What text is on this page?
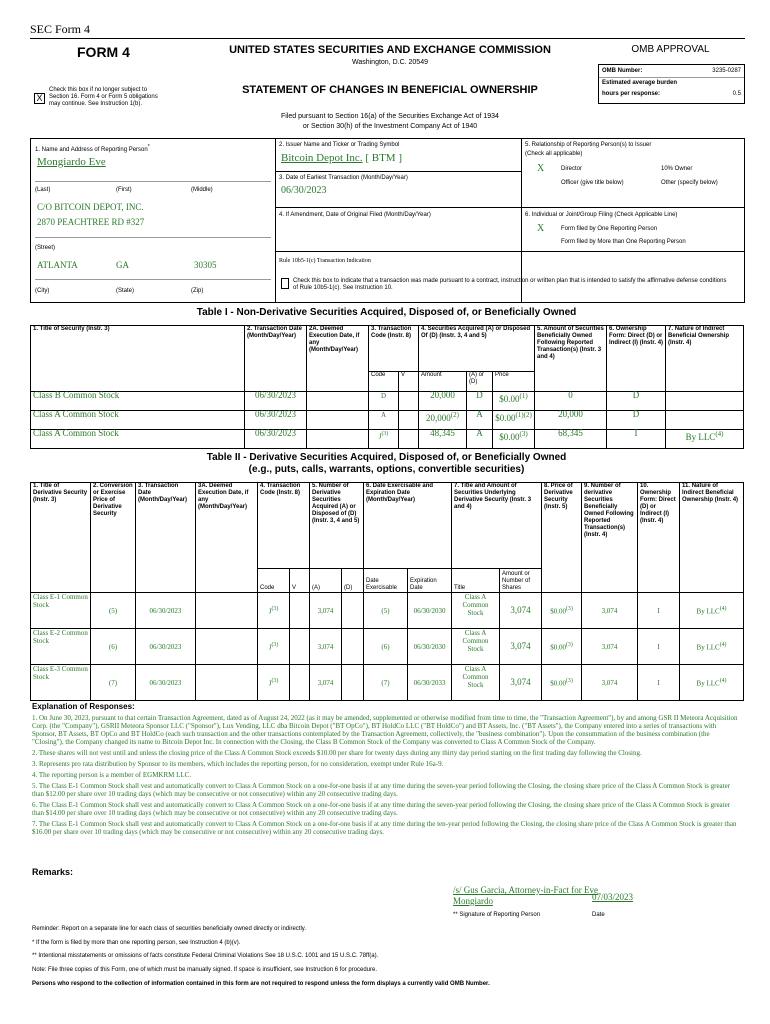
SEC Form 4
FORM 4	UNITED STATES SECURITIES AND EXCHANGE COMMISSION
Washington, D.C. 20549
X
Check this box if no longer subject to Section 16. Form 4 or Form 5 obligations may continue. See Instruction 1(b).
STATEMENT OF CHANGES IN BENEFICIAL OWNERSHIP
Filed pursuant to Section 16(a) of the Securities Exchange Act of 1934
or Section 30(h) of the Investment Company Act of 1940
OMB APPROVAL
OMB Number:	3235-0287
Estimated average burden
hours per response:	0.5
1. Name and Address of Reporting Person*
Mongiardo Eve
(Last)	(First)	(Middle)
C/O BITCOIN DEPOT, INC.
2870 PEACHTREE RD #327
(Street)
ATLANTA	GA	30305
(City)	(State)	(Zip)
2. Issuer Name and Ticker or Trading Symbol
Bitcoin Depot Inc. [ BTM ]
3. Date of Earliest Transaction (Month/Day/Year)
06/30/2023
4. If Amendment, Date of Original Filed (Month/Day/Year)
Rule 10b5-1(c) Transaction Indication
Check this box to indicate that a transaction was made pursuant to a contract, instruction or written plan that is intended to satisfy the affirmative defense conditions of Rule 10b5-1(c). See Instruction 10.
5. Relationship of Reporting Person(s) to Issuer
(Check all applicable)
X	Director	10% Owner
Officer (give title below)	Other (specify below)
6. Individual or Joint/Group Filing (Check Applicable Line)
X	Form filed by One Reporting Person
Form filed by More than One Reporting Person
Table I - Non-Derivative Securities Acquired, Disposed of, or Beneficially Owned
1. Title of Security (Instr. 3)	2. Transaction Date (Month/Day/Year)	2A. Deemed Execution Date, if any (Month/Day/Year)	3. Transaction Code (Instr. 8)		4. Securities Acquired (A) or Disposed Of (D) (Instr. 3, 4 and 5)			5. Amount of Securities Beneficially Owned Following Reported Transaction(s) (Instr. 3 and 4)	6. Ownership Form: Direct (D) or Indirect (I) (Instr. 4)	7. Nature of Indirect Beneficial Ownership (Instr. 4)
			Code	V	Amount	(A) or (D)	Price			
Class B Common Stock	06/30/2023		D		20,000	D	$0.00$^{(1)}$	0	D	
Class A Common Stock	06/30/2023		A		20,000$^{(2)}$	A	$\$0.00^{(1)(2)}$	20,000	D	
Class A Common Stock	06/30/2023		$J^{(3)}$		48,345	A	$0.00$^{(3)}$	68,345	I	By LLC$^{(4)}$
Table II - Derivative Securities Acquired, Disposed of, or Beneficially Owned
(e.g., puts, calls, warrants, options, convertible securities)
1. Title of Derivative Security (Instr. 3)	2. Conversion or Exercise Price of Derivative Security	3. Transaction Date (Month/Day/Year)	3A. Deemed Execution Date, if any (Month/Day/Year)	4. Transaction Code (Instr. 8)		5. Number of Derivative Securities Acquired (A) or Disposed of (D) (Instr. 3, 4 and 5)		6. Date Exercisable and Expiration Date (Month/Day/Year)		7. Title and Amount of Securities Underlying Derivative Security (Instr. 3 and 4)		8. Price of Derivative Security (Instr. 5)	9. Number of derivative Securities Beneficially Owned Following Reported Transaction(s) (Instr. 4)	10. Ownership Form: Direct (D) or Indirect (I) (Instr. 4)	11. Nature of Indirect Beneficial Ownership (Instr. 4)
				Code	V	(A)	(D)	Date Exercisable	Expiration Date	Title	Amount or Number of Shares				
Class E-1 Common Stock	(5)	06/30/2023		$J^{(3)}$		3,074		(5)	06/30/2030	Class A Common Stock	3,074	$0.00$^{(3)}$	3,074	I	By LLC$^{(4)}$
Class E-2 Common Stock	(6)	06/30/2023		$J^{(3)}$		3,074		(6)	06/30/2030	Class A Common Stock	3,074	$0.00$^{(3)}$	3,074	I	By LLC$^{(4)}$
Class E-3 Common Stock	(7)	06/30/2023		$J^{(3)}$		3,074		(7)	06/30/2033	Class A Common Stock	3,074	$0.00$^{(3)}$	3,074	I	By LLC$^{(4)}$
Explanation of Responses:
1. On June 30, 2023, pursuant to that certain Transaction Agreement, dated as of August 24, 2022 (as it may be amended, supplemented or otherwise modified from time to time, the "Transaction Agreement"), by and among GSR II Meteora Acquisition Corp. (the "Company"), GSRII Meteora Sponsor LLC ("Sponsor"), Lux Vending, LLC dba Bitcoin Depot ("BT OpCo"), BT HoldCo LLC ("BT HoldCo") and BT Assets, Inc. ("BT Assets"), the Company entered into a series of transactions with Sponsor, BT Assets, BT OpCo and BT HoldCo (each such transaction and the other transactions contemplated by the Transaction Agreement, collectively, the "business combination"). Upon the consummation of the business combination (the "Closing"), the Company changed its name to Bitcoin Depot Inc. In connection with the Closing, the Class B Common Stock of the Company was converted to Class A Common Stock of the Company.
2. These shares will not vest until and unless the closing price of the Class A Common Stock exceeds $10.00 per share for twenty days during any thirty day period starting on the first trading day following the Closing.
3. Represents pro rata distribution by Sponsor to its members, which includes the reporting person, for no consideration, exempt under Rule 16a-9.
4. The reporting person is a member of EGMKRM LLC.
5. The Class E-1 Common Stock shall vest and automatically convert to Class A Common Stock on a one-for-one basis if at any time during the seven-year period following the Closing, the closing share price of the Class A Common Stock is greater than $12.00 per share over 10 trading days (which may be consecutive or not consecutive) within any 20 consecutive trading days.
6. The Class E-1 Common Stock shall vest and automatically convert to Class A Common Stock on a one-for-one basis if at any time during the seven-year period following the Closing, the closing share price of the Class A Common Stock is greater than $14.00 per share over 10 trading days (which may be consecutive or not consecutive) within any 20 consecutive trading days.
7. The Class E-1 Common Stock shall vest and automatically convert to Class A Common Stock on a one-for-one basis if at any time during the ten-year period following the Closing, the closing share price of the Class A Common Stock is greater than $16.00 per share over 10 trading days (which may be consecutive or not consecutive) within any 20 consecutive trading days.
Remarks:
/s/ Gus Garcia, Attorney-in-Fact for Eve Mongiardo	07/03/2023
** Signature of Reporting Person	Date
Reminder: Report on a separate line for each class of securities beneficially owned directly or indirectly.
* If the form is filed by more than one reporting person, see Instruction 4 (b)(v).
** Intentional misstatements or omissions of facts constitute Federal Criminal Violations See 18 U.S.C. 1001 and 15 U.S.C. 78ff(a).
Note: File three copies of this Form, one of which must be manually signed. If space is insufficient, see Instruction 6 for procedure.
Persons who respond to the collection of information contained in this form are not required to respond unless the form displays a currently valid OMB Number.
